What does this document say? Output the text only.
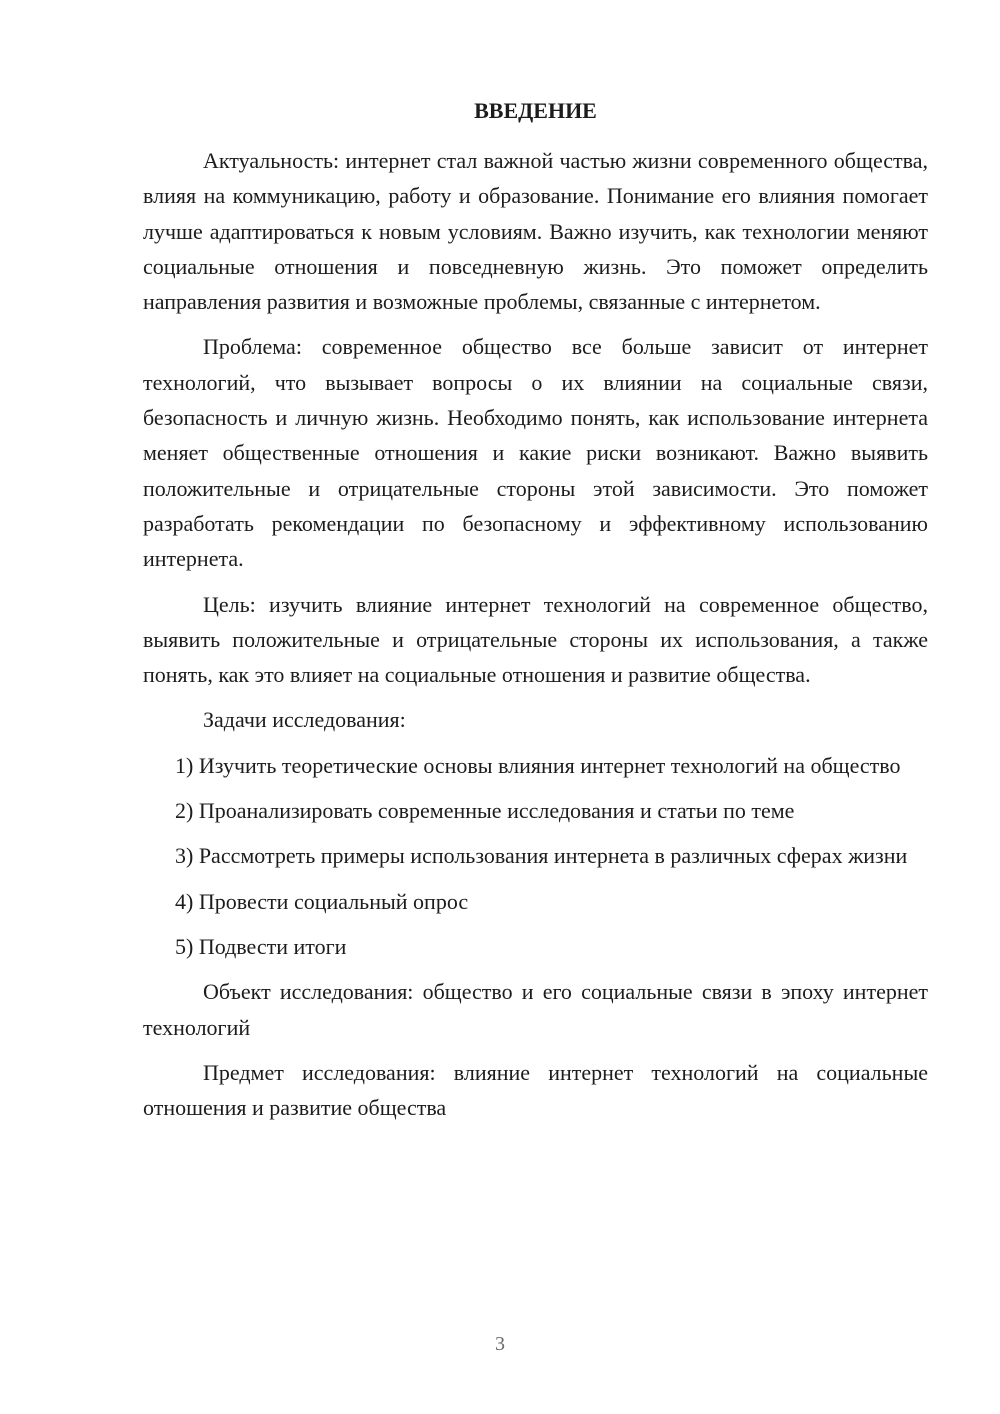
ВВЕДЕНИЕ

Актуальность: интернет стал важной частью жизни современного общества, влияя на коммуникацию, работу и образование. Понимание его влияния помогает лучше адаптироваться к новым условиям. Важно изучить, как технологии меняют социальные отношения и повседневную жизнь. Это поможет определить направления развития и возможные проблемы, связанные с интернетом.

Проблема: современное общество все больше зависит от интернет технологий, что вызывает вопросы о их влиянии на социальные связи, безопасность и личную жизнь. Необходимо понять, как использование интернета меняет общественные отношения и какие риски возникают. Важно выявить положительные и отрицательные стороны этой зависимости. Это поможет разработать рекомендации по безопасному и эффективному использованию интернета.

Цель: изучить влияние интернет технологий на современное общество, выявить положительные и отрицательные стороны их использования, а также понять, как это влияет на социальные отношения и развитие общества.

Задачи исследования:

1) Изучить теоретические основы влияния интернет технологий на общество

2) Проанализировать современные исследования и статьи по теме

3) Рассмотреть примеры использования интернета в различных сферах жизни

4) Провести социальный опрос

5) Подвести итоги

Объект исследования: общество и его социальные связи в эпоху интернет технологий

Предмет исследования: влияние интернет технологий на социальные отношения и развитие общества

3
